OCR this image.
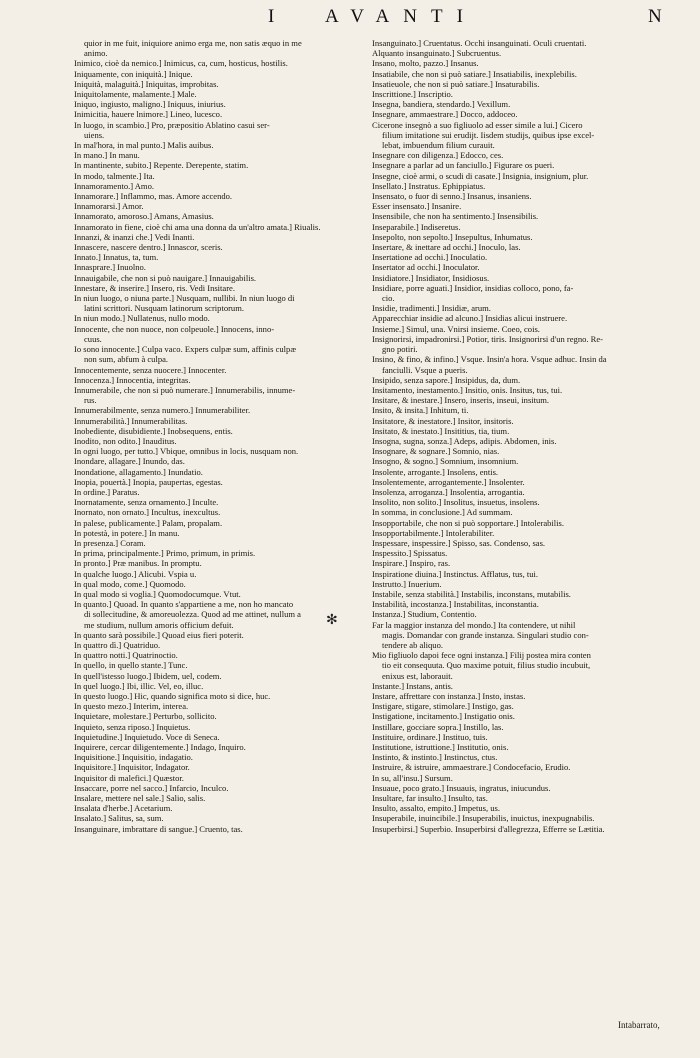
I	AVANTI	N
quior in me fuit, iniquiore animo erga me, non satis æquo in me
animo.
Inimico, cioè da nemico.] Inimicus, ca, cum, hosticus, hostilis.
Iniquamente, con iniquità.] Inique.
Iniquità, malaguità.] Iniquitas, improbitas.
Iniquitolamente, malamente.] Male.
Iniquo, ingiusto, maligno.] Iniquus, iniurius.
Inimicitia, hauere lnimore.] Lineo, lucesco.
In luogo, in scambio.] Pro, præpositio Ablatino casui ser-
uiens.
In mal'hora, in mal punto.] Malis auibus.
In mano.] In manu.
In mantinente, subito.] Repente. Derepente, statim.
In modo, talmente.] Ita.
Innamoramento.] Amo.
Innamorare.] Inflammo, mas. Amore accendo.
Innamorarsi.] Amor.
Innamorato, amoroso.] Amans, Amasius.
Innamorato in fiene, cioè chi ama una donna da un'altro amata.] Riualis.
Innanzi, & inanzi che.] Vedi Inanti.
Innascere, nascere dentro.] Innascor, sceris.
Innato.] Innatus, ta, tum.
Innasprare.] Inuolno.
Innauigabile, che non si può nauigare.] Innauigabilis.
Innestare, & inserire.] Insero, ris. Vedi Insitare.
In niun luogo, o niuna parte.] Nusquam, nullibi. In niun luogo di
latini scrittori. Nusquam latinorum scriptorum.
In niun modo.] Nullatenus, nullo modo.
Innocente, che non nuoce, non colpeuole.] Innocens, inno-
cuus.
Io sono innocente.] Culpa vaco. Expers culpæ sum, affinis culpæ
non sum, abfum à culpa.
Innocentemente, senza nuocere.] Innocenter.
Innocenza.] Innocentia, integritas.
Innumerabile, che non si può numerare.] Innumerabilis, innume-
rus.
Innumerabilmente, senza numero.] Innumerabiliter.
Innumerabilità.] Innumerabilitas.
Inobediente, disubidiente.] Inobsequens, entis.
Inodito, non odito.] Inauditus.
In ogni luogo, per tutto.] Vbique, omnibus in locis, nusquam non.
Inondare, allagare.] Inundo, das.
Inondatione, allagamento.] Inundatio.
Inopia, pouertà.] Inopia, paupertas, egestas.
In ordine.] Paratus.
Inornatamente, senza ornamento.] Inculte.
Inornato, non ornato.] Incultus, inexcultus.
In palese, publicamente.] Palam, propalam.
In potestà, in potere.] In manu.
In presenza.] Coram.
In prima, principalmente.] Primo, primum, in primis.
In pronto.] Præ manibus. In promptu.
In qualche luogo.] Alicubi. Vspia u.
In qual modo, come.] Quomodo.
In qual modo si voglia.] Quomodocumque. Vtut.
In quanto.] Quoad. In quanto s'appartiene a me, non ho mancato
di sollecitudine, & amoreuolezza. Quod ad me attinet, nullum a
me studium, nullum amoris officium defuit.
In quanto sarà possibile.] Quoad eius fieri poterit.
In quattro dì.] Quatriduo.
In quattro notti.] Quatrinoctio.
In quello, in quello stante.] Tunc.
In quell'istesso luogo.] Ibidem, uel, codem.
In quel luogo.] Ibi, illic. Vel, eo, illuc.
In questo luogo.] Hic, quando significa moto si dice, huc.
In questo mezo.] Interim, interea.
Inquietare, molestare.] Perturbo, sollicito.
Inquieto, senza riposo.] Inquietus.
Inquietudine.] Inquietudo. Voce di Seneca.
Inquirere, cercar diligentemente.] Indago, Inquiro.
Inquisitione.] Inquisitio, indagatio.
Inquisitore.] Inquisitor, Indagator.
Inquisitor di malefici.] Quæstor.
Insaccare, porre nel sacco.] Infarcio, Inculco.
Insalare, mettere nel sale.] Salio, salis.
Insalata d'herbe.] Acetarium.
Insalato.] Salitus, sa, sum.
Insanguinare, imbrattare di sangue.] Cruento, tas.
Insanguinato.] Cruentatus. Occhi insanguinati. Oculi cruentati.
Alquanto insanguinato.] Subcruentus.
Insano, molto, pazzo.] Insanus.
Insatiabile, che non si può satiare.] Insatiabilis, inexplebilis.
Insatieuole, che non si può satiare.] Insaturabilis.
Inscrittione.] Inscriptio.
Insegna, bandiera, stendardo.] Vexillum.
Insegnare, ammaestrare.] Docco, addoceo.
Cicerone insegnò a suo figliuolo ad esser simile a lui.] Cicero
filium imitatione sui erudijt. Iisdem studijs, quibus ipse excel-
lebat, imbuendum filium curauit.
Insegnare con diligenza.] Edocco, ces.
Insegnare a parlar ad un fanciullo.] Figurare os pueri.
Insegne, cioè armi, o scudi di casate.] Insignia, insignium, plur.
Insellato.] Instratus. Ephippiatus.
Insensato, o fuor di senno.] Insanus, insaniens.
Esser insensato.] Insanire.
Insensibile, che non ha sentimento.] Insensibilis.
Inseparabile.] Indiseretus.
Insepolto, non sepolto.] Insepultus, Inhumatus.
Insertare, & inettare ad occhi.] Inoculo, las.
Insertatione ad occhi.] Inoculatio.
Insertator ad occhi.] Inoculator.
Insidiatore.] Insidiator, Insidiosus.
Insidiare, porre aguati.] Insidior, insidias colloco, pono, fa-
cio.
Insidie, tradimenti.] Insidiæ, arum.
Apparecchiar insidie ad alcuno.] Insidias alicui instruere.
Insieme.] Simul, una. Vnirsi insieme. Coeo, cois.
Insignorirsi, impadronirsi.] Potior, tiris. Insignorirsi d'un regno. Re-
gno potiri.
Insino, & fino, & infino.] Vsque. Insin'a hora. Vsque adhuc. Insin da
fanciulli. Vsque a pueris.
Insipido, senza sapore.] Insipidus, da, dum.
Insitamento, inestamento.] Insitio, onis. Insitus, tus, tui.
Insitare, & inestare.] Insero, inseris, inseui, insitum.
Insito, & insita.] Inhitum, ti.
Insitatore, & inestatore.] Insitor, insitoris.
Insitato, & inestato.] Insititius, tia, tium.
Insogna, sugna, sonza.] Adeps, adipis. Abdomen, inis.
Insognare, & sognare.] Somnio, nias.
Insogno, & sogno.] Somnium, insomnium.
Insolente, arrogante.] Insolens, entis.
Insolentemente, arrogantemente.] Insolenter.
Insolenza, arroganza.] Insolentia, arrogantia.
Insolito, non solito.] Insolitus, insuetus, insolens.
In somma, in conclusione.] Ad summam.
Insopportabile, che non si può sopportare.] Intolerabilis.
Insopportabilmente.] Intolerabiliter.
Inspessare, inspessire.] Spisso, sas. Condenso, sas.
Inspessito.] Spissatus.
Inspirare.] Inspiro, ras.
Inspiratione diuina.] Instinctus. Afflatus, tus, tui.
Instrutto.] Inuerium.
Instabile, senza stabilità.] Instabilis, inconstans, mutabilis.
Instabilità, incostanza.] Instabilitas, inconstantia.
Instanza.] Studium, Contentio.
Far la maggior instanza del mondo.] Ita contendere, ut nihil
magis. Domandar con grande instanza. Singulari studio con-
tendere ab aliquo.
Mio figliuolo dapoi fece ogni instanza.] Filij postea mira conten
tio eit consequuta. Quo maxime potuit, filius studio incubuit,
enixus est, laborauit.
Instante.] Instans, antis.
Instare, affrettare con instanza.] Insto, instas.
Instigare, stigare, stimolare.] Instigo, gas.
Instigatione, incitamento.] Instigatio onis.
Instillare, gocciare sopra.] Instillo, las.
Instituire, ordinare.] Instituo, tuis.
Institutione, istruttione.] Institutio, onis.
Instinto, & instinto.] Instinctus, ctus.
Instruire, & istruire, ammaestrare.] Condocefacio, Erudio.
In su, all'insu.] Sursum.
Insuaue, poco grato.] Insuauis, ingratus, iniucundus.
Insultare, far insulto.] Insulto, tas.
Insulto, assalto, empito.] Impetus, us.
Insuperabile, inuincibile.] Insuperabilis, inuictus, inexpugnabilis.
Insuperbirsi.] Superbio. Insuperbirsi d'allegrezza, Efferre se Lætitia.
✻
Intabarrato,
